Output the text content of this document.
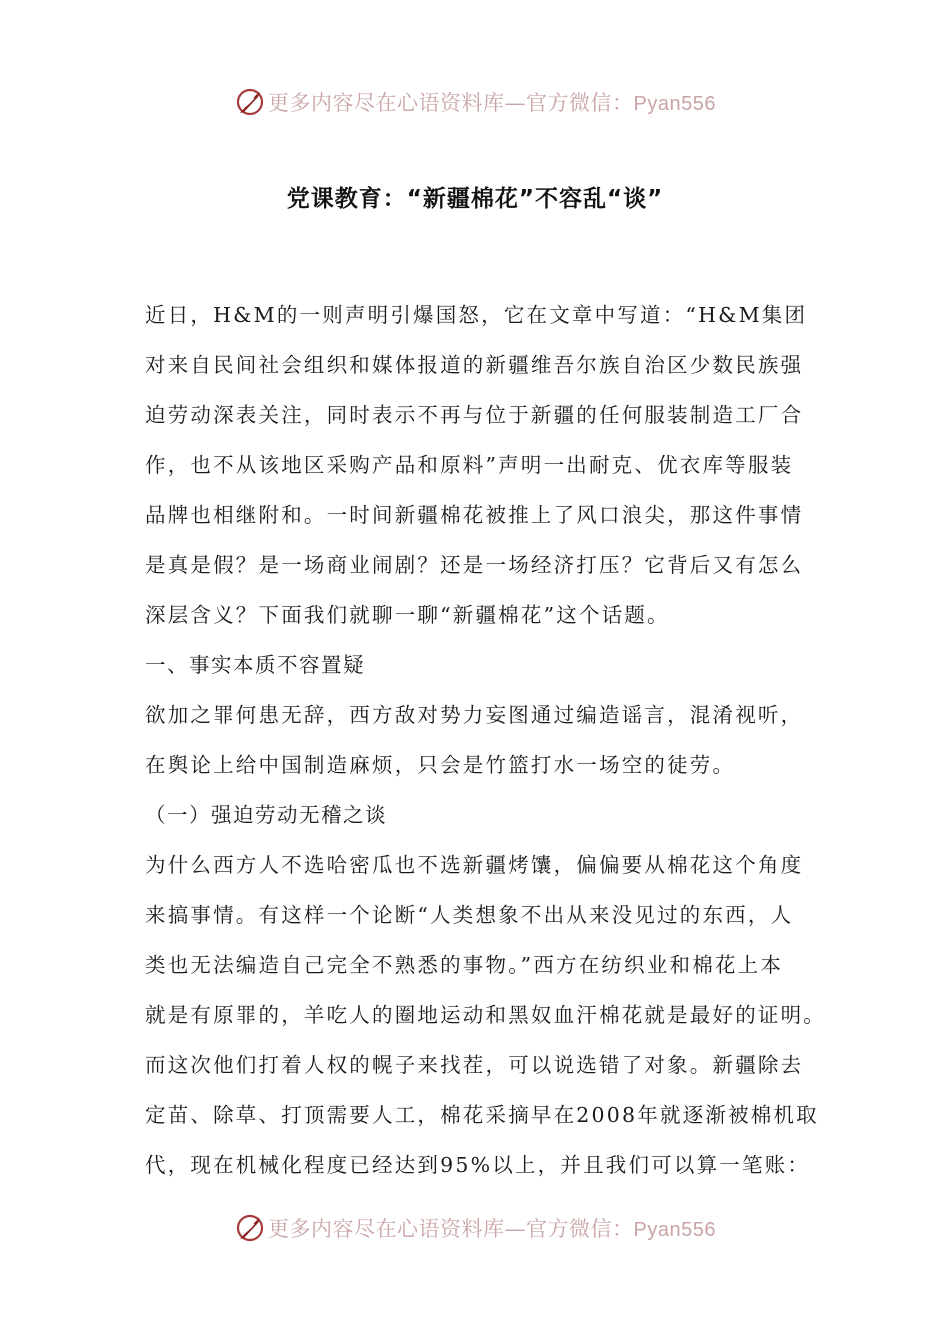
更多内容尽在心语资料库—官方微信：Pyan556
党课教育：“新疆棉花”不容乱“谈”
近日，H&M的一则声明引爆国怒，它在文章中写道：“H&M集团
对来自民间社会组织和媒体报道的新疆维吾尔族自治区少数民族强
迫劳动深表关注，同时表示不再与位于新疆的任何服装制造工厂合
作，也不从该地区采购产品和原料”声明一出耐克、优衣库等服装
品牌也相继附和。一时间新疆棉花被推上了风口浪尖，那这件事情
是真是假？是一场商业闹剧？还是一场经济打压？它背后又有怎么
深层含义？下面我们就聊一聊“新疆棉花”这个话题。
一、事实本质不容置疑
欲加之罪何患无辞，西方敌对势力妄图通过编造谣言，混淆视听，
在舆论上给中国制造麻烦，只会是竹篮打水一场空的徒劳。
（一）强迫劳动无稽之谈
为什么西方人不选哈密瓜也不选新疆烤馕，偏偏要从棉花这个角度
来搞事情。有这样一个论断“人类想象不出从来没见过的东西，人
类也无法编造自己完全不熟悉的事物。”西方在纺织业和棉花上本
就是有原罪的，羊吃人的圈地运动和黑奴血汗棉花就是最好的证明。
而这次他们打着人权的幌子来找茬，可以说选错了对象。新疆除去
定苗、除草、打顶需要人工，棉花采摘早在2008年就逐渐被棉机取
代，现在机械化程度已经达到95%以上，并且我们可以算一笔账：
更多内容尽在心语资料库—官方微信：Pyan556
